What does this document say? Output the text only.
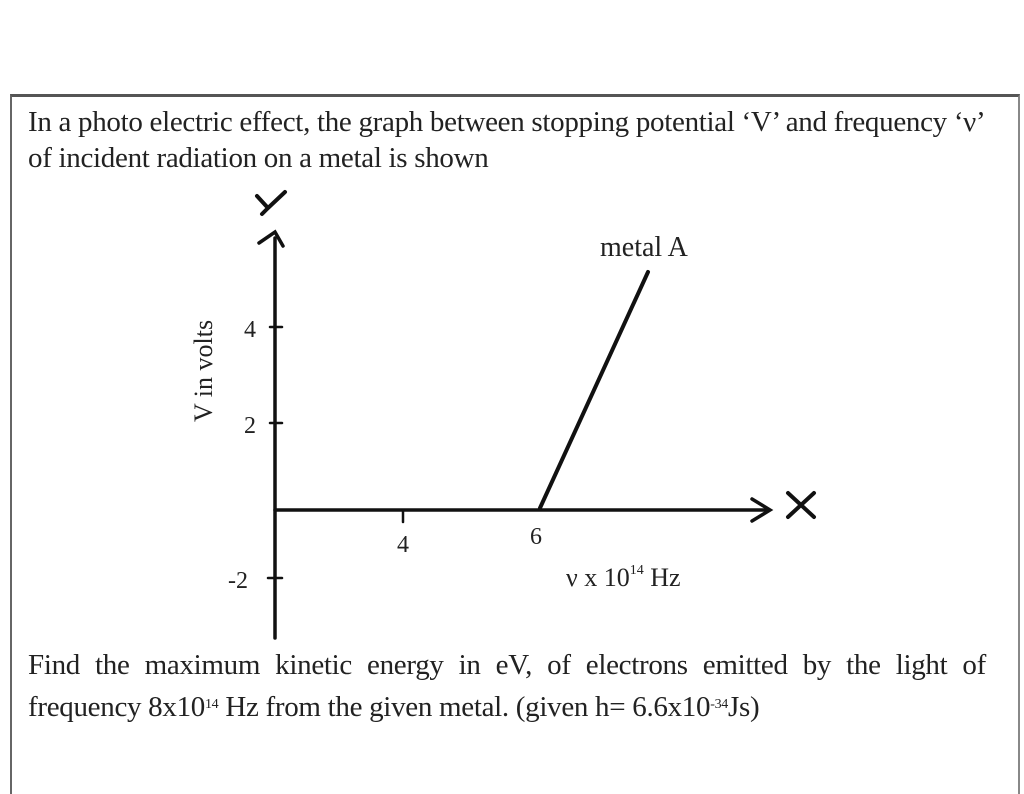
In a photo electric effect, the graph between stopping potential ‘V’ and frequency ‘ν’ of incident radiation on a metal is shown
V in volts 4
2
-2
4	6
metal A
ν x $10^{14}$ Hz
Find the maximum kinetic energy in eV, of electrons emitted by the light of frequency $8x10^{14}$ Hz from the given metal. (given $h= 6.6x10^{-34}Js$)
